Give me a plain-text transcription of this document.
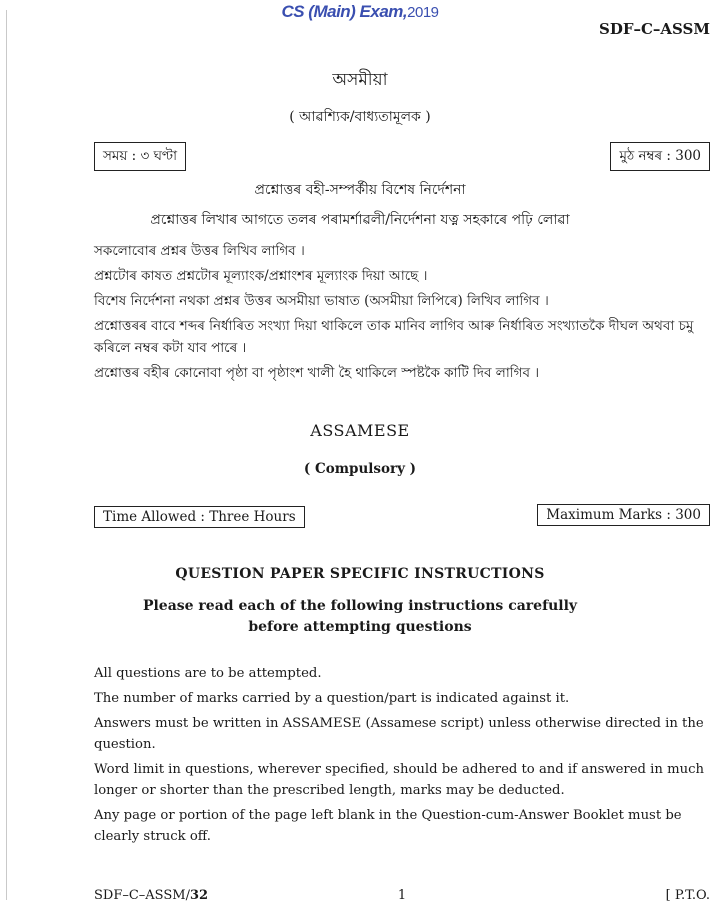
CS (Main) Exam,2019
SDF–C–ASSM
অসমীয়া
( আৱশ্যিক/বাধ্যতামূলক )
সময় : ৩ ঘণ্টা	মুঠ নম্বৰ : 300
প্ৰশ্নোত্তৰ বহী-সম্পৰ্কীয় বিশেষ নিৰ্দেশনা
প্ৰশ্নোত্তৰ লিখাৰ আগতে তলৰ পৰামৰ্শাৱলী/নিৰ্দেশনা যত্ন সহকাৰে পঢ়ি লোৱা

সকলোবোৰ প্ৰশ্নৰ উত্তৰ লিখিব লাগিব ।

প্ৰশ্নটোৰ কাষত প্ৰশ্নটোৰ মূল্যাংক/প্ৰশ্নাংশৰ মূল্যাংক দিয়া আছে ।

বিশেষ নিৰ্দেশনা নথকা প্ৰশ্নৰ উত্তৰ অসমীয়া ভাষাত (অসমীয়া লিপিৰে) লিখিব লাগিব ।

প্ৰশ্নোত্তৰৰ বাবে শব্দৰ নিৰ্ধাৰিত সংখ্যা দিয়া থাকিলে তাক মানিব লাগিব আৰু নিৰ্ধাৰিত সংখ্যাতকৈ দীঘল অথবা চমু কৰিলে নম্বৰ কটা যাব পাৰে ।

প্ৰশ্নোত্তৰ বহীৰ কোনোবা পৃষ্ঠা বা পৃষ্ঠাংশ খালী হৈ থাকিলে স্পষ্টকৈ কাটি দিব লাগিব ।

ASSAMESE
( Compulsory )
Time Allowed : Three Hours	Maximum Marks : 300
QUESTION PAPER SPECIFIC INSTRUCTIONS
Please read each of the following instructions carefully
before attempting questions

All questions are to be attempted.

The number of marks carried by a question/part is indicated against it.

Answers must be written in ASSAMESE (Assamese script) unless otherwise directed in the question.

Word limit in questions, wherever specified, should be adhered to and if answered in much longer or shorter than the prescribed length, marks may be deducted.

Any page or portion of the page left blank in the Question-cum-Answer Booklet must be clearly struck off.

SDF–C–ASSM/32	1	[ P.T.O.
